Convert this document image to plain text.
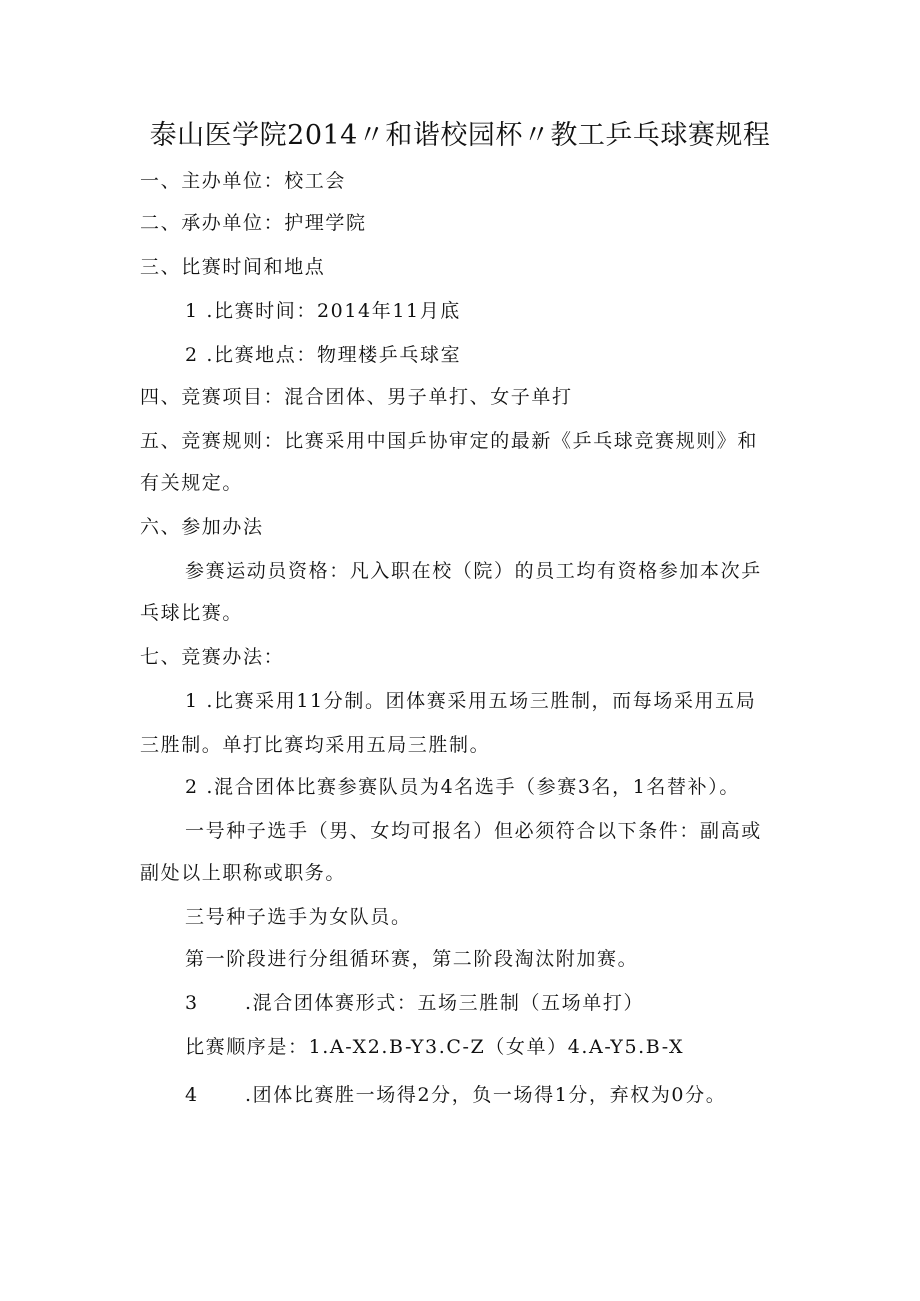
泰山医学院2014〃和谐校园杯〃教工乒乓球赛规程
一、主办单位：校工会
二、承办单位：护理学院
三、比赛时间和地点
1 .比赛时间：2014年11月底
2 .比赛地点：物理楼乒乓球室
四、竞赛项目：混合团体、男子单打、女子单打
五、竞赛规则：比赛采用中国乒协审定的最新《乒乓球竞赛规则》和
有关规定。
六、参加办法
参赛运动员资格：凡入职在校（院）的员工均有资格参加本次乒
乓球比赛。
七、竞赛办法：
1 .比赛采用11分制。团体赛采用五场三胜制，而每场采用五局
三胜制。单打比赛均采用五局三胜制。
2 .混合团体比赛参赛队员为4名选手（参赛3名，1名替补）。
一号种子选手（男、女均可报名）但必须符合以下条件：副高或
副处以上职称或职务。
三号种子选手为女队员。
第一阶段进行分组循环赛，第二阶段淘汰附加赛。
3 .混合团体赛形式：五场三胜制（五场单打）
比赛顺序是：1.A-X2.B-Y3.C-Z（女单）4.A-Y5.B-X
4 .团体比赛胜一场得2分，负一场得1分，弃权为0分。
